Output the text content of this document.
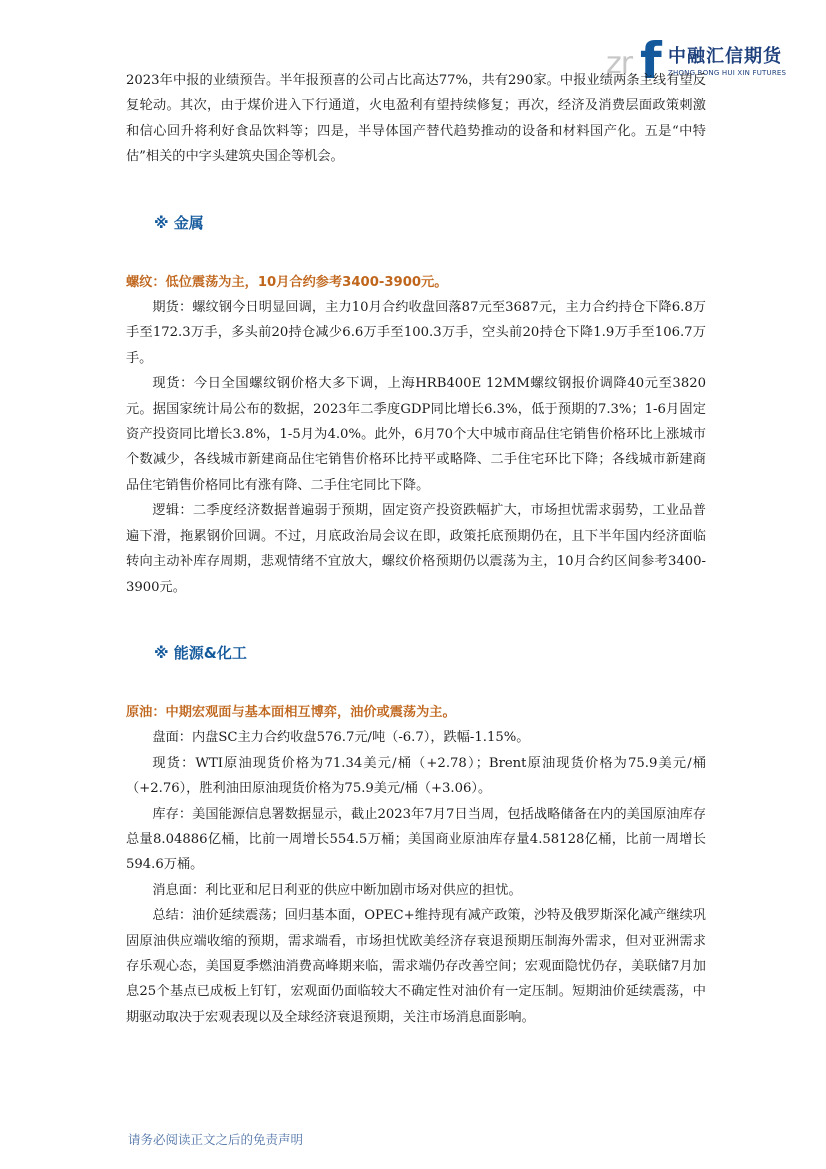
zr f 中融汇信期货
ZHONG RONG HUI XIN FUTURES

2023年中报的业绩预告。半年报预喜的公司占比高达77%，共有290家。中报业绩两条主线有望反复轮动。其次，由于煤价进入下行通道，火电盈利有望持续修复；再次，经济及消费层面政策刺激和信心回升将利好食品饮料等；四是，半导体国产替代趋势推动的设备和材料国产化。五是“中特估”相关的中字头建筑央国企等机会。

※ 金属

螺纹：低位震荡为主，10月合约参考3400-3900元。

期货：螺纹钢今日明显回调，主力10月合约收盘回落87元至3687元，主力合约持仓下降6.8万手至172.3万手，多头前20持仓减少6.6万手至100.3万手，空头前20持仓下降1.9万手至106.7万手。

现货：今日全国螺纹钢价格大多下调，上海HRB400E 12MM螺纹钢报价调降40元至3820元。据国家统计局公布的数据，2023年二季度GDP同比增长6.3%，低于预期的7.3%；1-6月固定资产投资同比增长3.8%，1-5月为4.0%。此外，6月70个大中城市商品住宅销售价格环比上涨城市个数减少，各线城市新建商品住宅销售价格环比持平或略降、二手住宅环比下降；各线城市新建商品住宅销售价格同比有涨有降、二手住宅同比下降。

逻辑：二季度经济数据普遍弱于预期，固定资产投资跌幅扩大，市场担忧需求弱势，工业品普遍下滑，拖累钢价回调。不过，月底政治局会议在即，政策托底预期仍在，且下半年国内经济面临转向主动补库存周期，悲观情绪不宜放大，螺纹价格预期仍以震荡为主，10月合约区间参考3400-3900元。

※ 能源&化工

原油：中期宏观面与基本面相互博弈，油价或震荡为主。

盘面：内盘SC主力合约收盘576.7元/吨（-6.7），跌幅-1.15%。

现货：WTI原油现货价格为71.34美元/桶（+2.78）；Brent原油现货价格为75.9美元/桶（+2.76），胜利油田原油现货价格为75.9美元/桶（+3.06）。

库存：美国能源信息署数据显示，截止2023年7月7日当周，包括战略储备在内的美国原油库存总量8.04886亿桶，比前一周增长554.5万桶；美国商业原油库存量4.58128亿桶，比前一周增长594.6万桶。

消息面：利比亚和尼日利亚的供应中断加剧市场对供应的担忧。

总结：油价延续震荡；回归基本面，OPEC+维持现有减产政策，沙特及俄罗斯深化减产继续巩固原油供应端收缩的预期，需求端看，市场担忧欧美经济存衰退预期压制海外需求，但对亚洲需求存乐观心态，美国夏季燃油消费高峰期来临，需求端仍存改善空间；宏观面隐忧仍存，美联储7月加息25个基点已成板上钉钉，宏观面仍面临较大不确定性对油价有一定压制。短期油价延续震荡，中期驱动取决于宏观表现以及全球经济衰退预期，关注市场消息面影响。

请务必阅读正文之后的免责声明
